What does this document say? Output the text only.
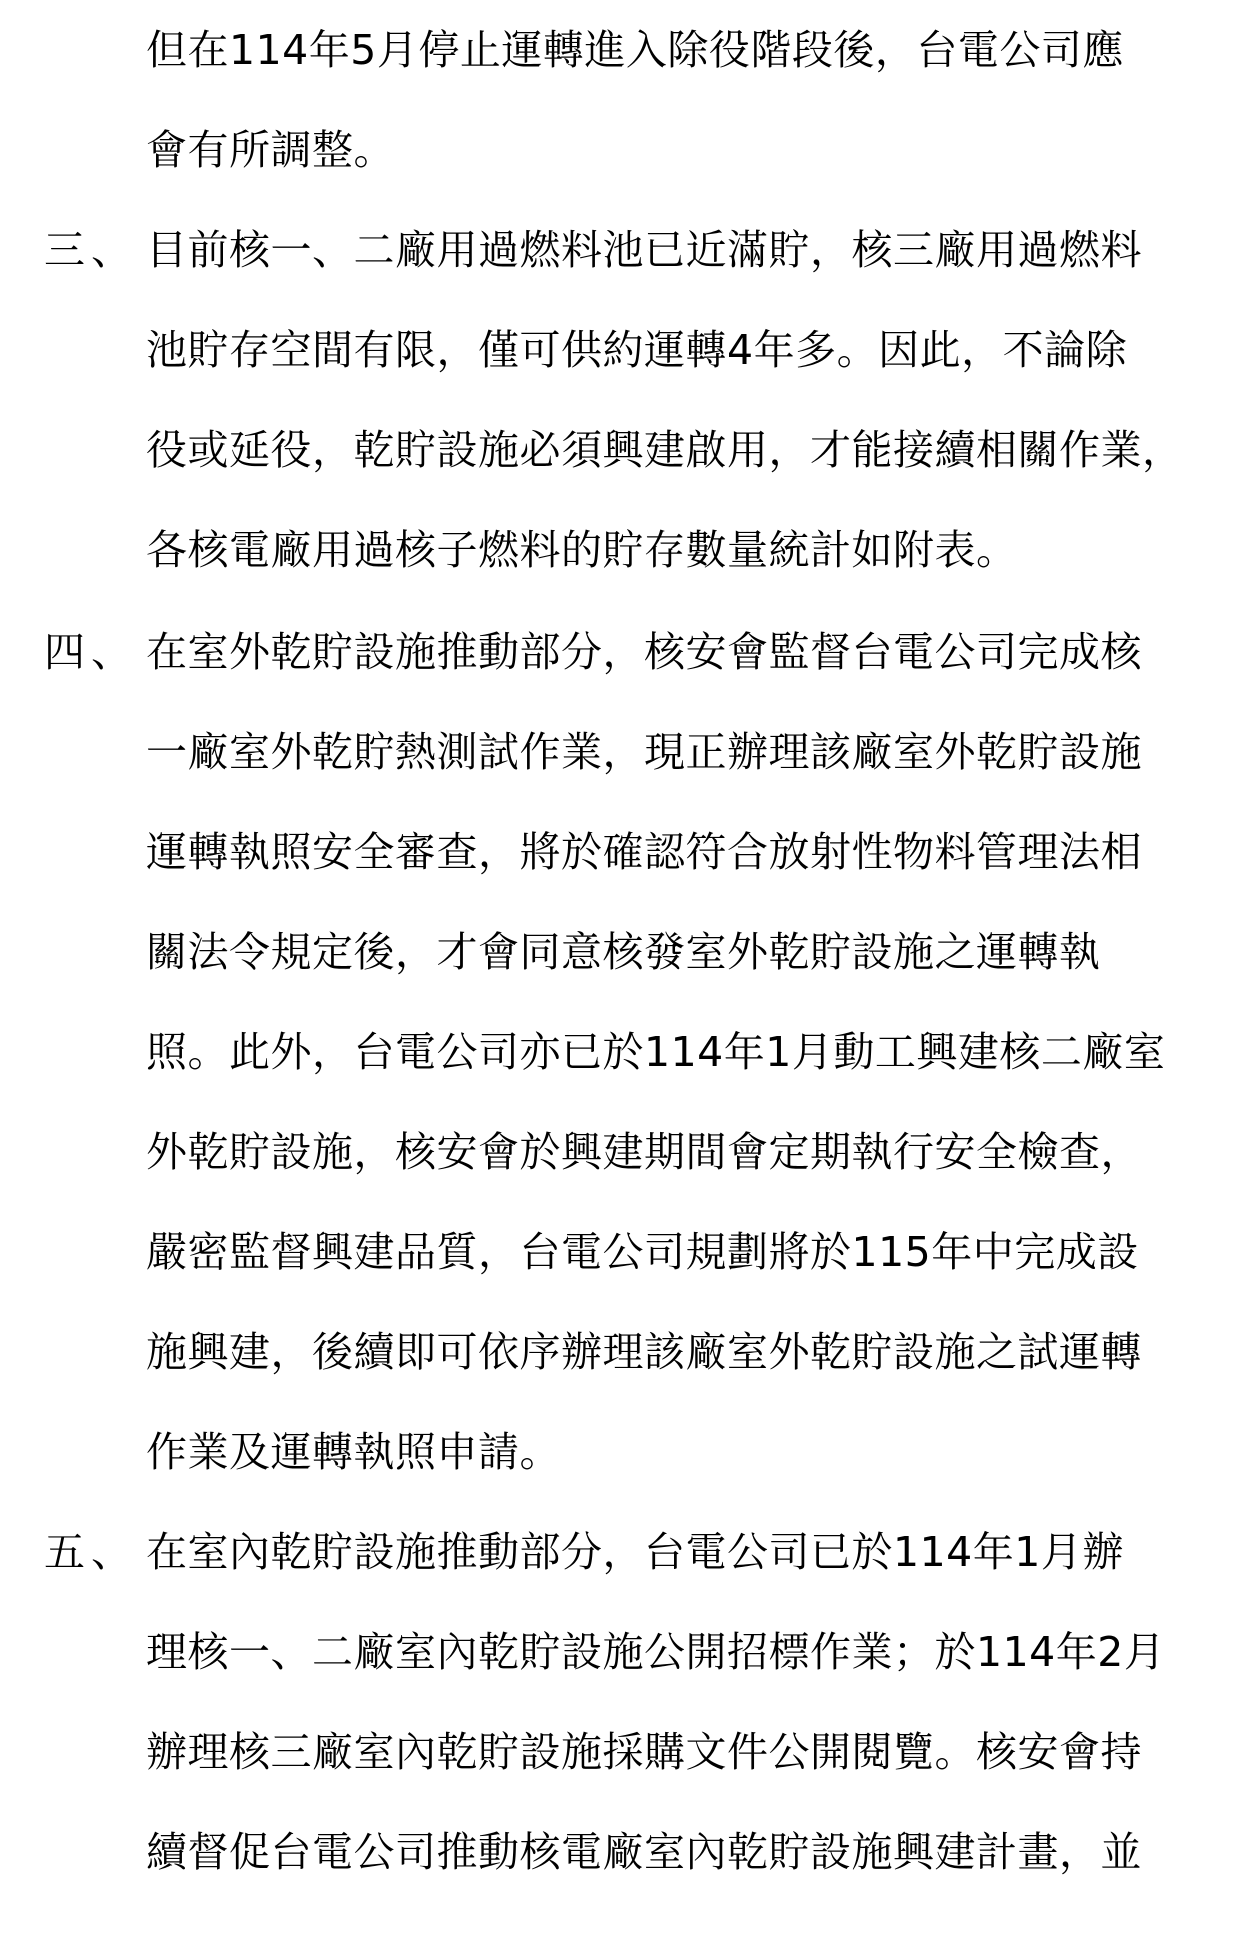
但在114年5月停止運轉進入除役階段後，台電公司應
會有所調整。
三、 目前核一、二廠用過燃料池已近滿貯，核三廠用過燃料
池貯存空間有限，僅可供約運轉4年多。因此，不論除
役或延役，乾貯設施必須興建啟用，才能接續相關作業，
各核電廠用過核子燃料的貯存數量統計如附表。
四、 在室外乾貯設施推動部分，核安會監督台電公司完成核
一廠室外乾貯熱測試作業，現正辦理該廠室外乾貯設施
運轉執照安全審查，將於確認符合放射性物料管理法相
關法令規定後，才會同意核發室外乾貯設施之運轉執
照。此外，台電公司亦已於114年1月動工興建核二廠室
外乾貯設施，核安會於興建期間會定期執行安全檢查，
嚴密監督興建品質，台電公司規劃將於115年中完成設
施興建，後續即可依序辦理該廠室外乾貯設施之試運轉
作業及運轉執照申請。
五、 在室內乾貯設施推動部分，台電公司已於114年1月辦
理核一、二廠室內乾貯設施公開招標作業；於114年2月
辦理核三廠室內乾貯設施採購文件公開閱覽。核安會持
續督促台電公司推動核電廠室內乾貯設施興建計畫，並
